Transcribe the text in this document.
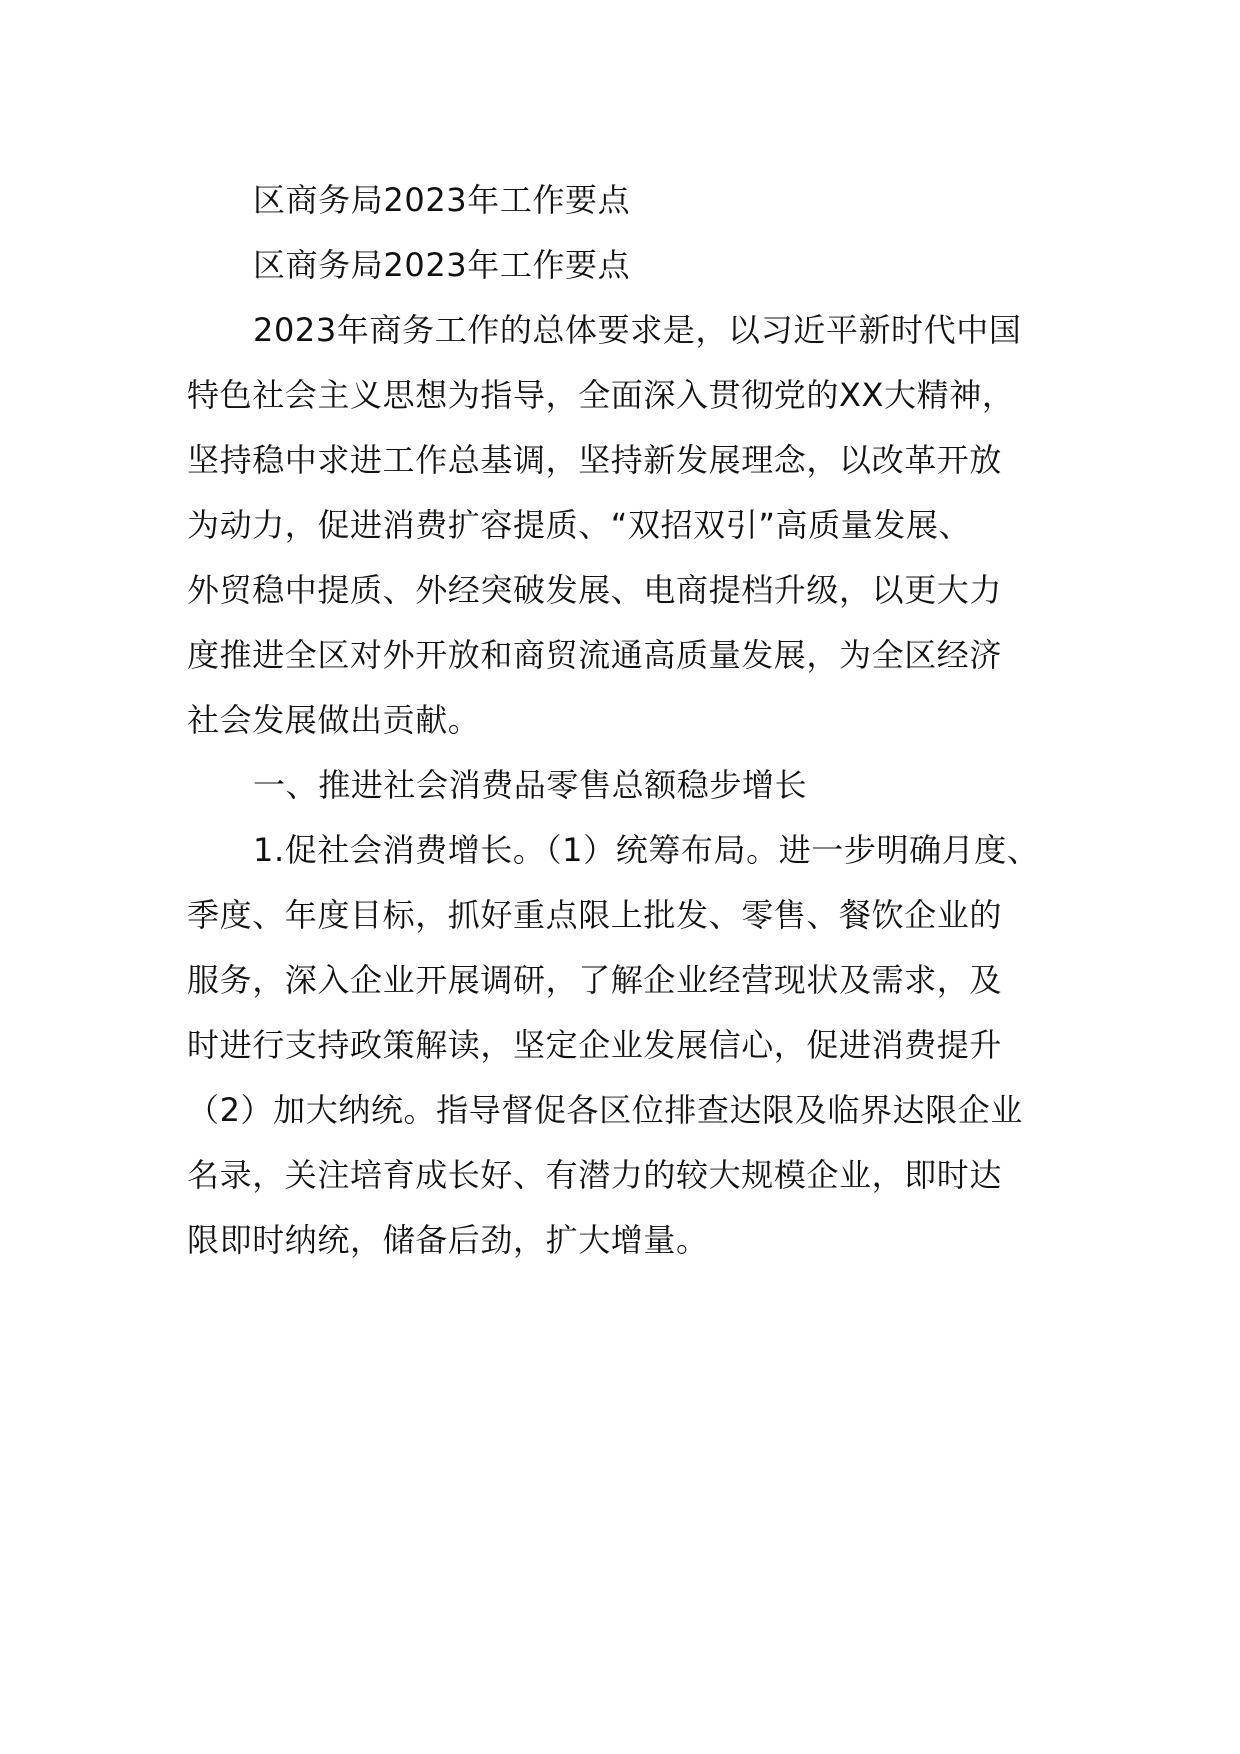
区商务局2023年工作要点
区商务局2023年工作要点
2023年商务工作的总体要求是，以习近平新时代中国
特色社会主义思想为指导，全面深入贯彻党的XX大精神，
坚持稳中求进工作总基调，坚持新发展理念，以改革开放
为动力，促进消费扩容提质、“双招双引”高质量发展、
外贸稳中提质、外经突破发展、电商提档升级，以更大力
度推进全区对外开放和商贸流通高质量发展，为全区经济
社会发展做出贡献。
一、推进社会消费品零售总额稳步增长
1.促社会消费增长。（1）统筹布局。进一步明确月度、
季度、年度目标，抓好重点限上批发、零售、餐饮企业的
服务，深入企业开展调研，了解企业经营现状及需求，及
时进行支持政策解读，坚定企业发展信心，促进消费提升
（2）加大纳统。指导督促各区位排查达限及临界达限企业
名录，关注培育成长好、有潜力的较大规模企业，即时达
限即时纳统，储备后劲，扩大增量。
